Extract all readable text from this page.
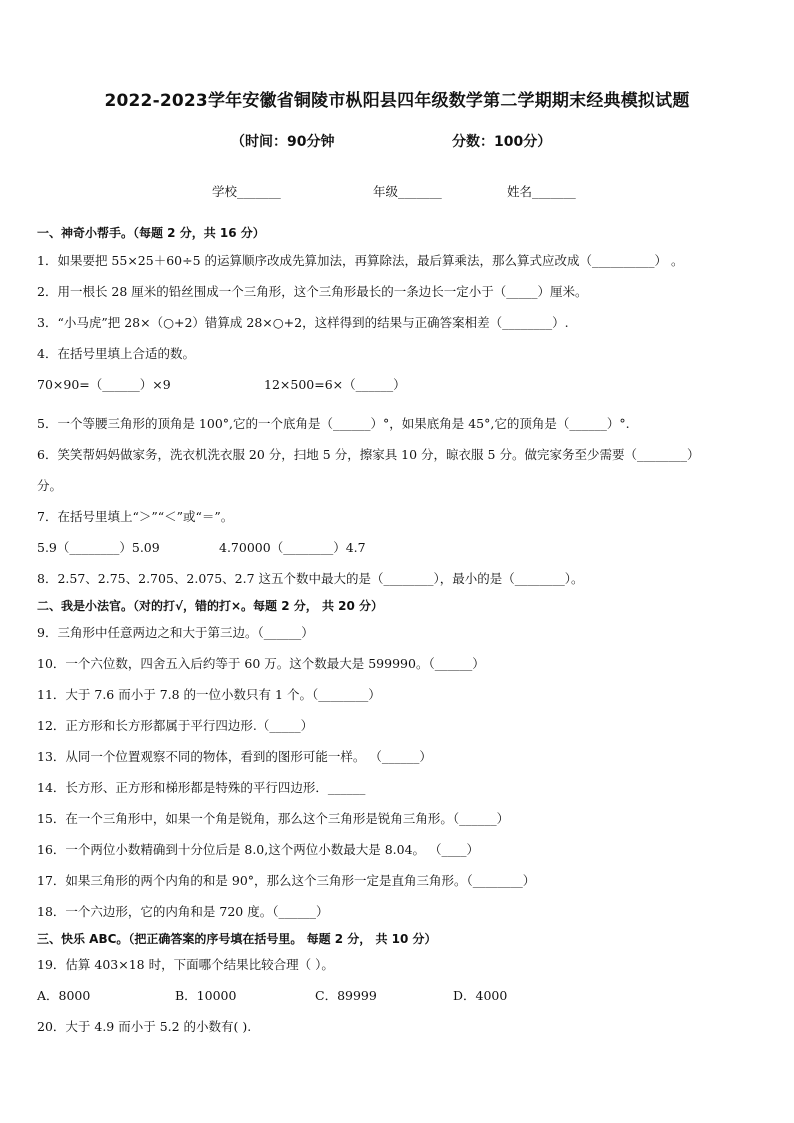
2022-2023学年安徽省铜陵市枞阳县四年级数学第二学期期末经典模拟试题
（时间：90分钟	分数：100分）
学校_______	年级_______	姓名_______
一、神奇小帮手。（每题 2 分，共 16 分）
1．如果要把 55×25＋60÷5 的运算顺序改成先算加法，再算除法，最后算乘法，那么算式应改成（__________） 。
2．用一根长 28 厘米的铅丝围成一个三角形，这个三角形最长的一条边长一定小于（_____）厘米。
3．“小马虎”把 28×（○+2）错算成 28×○+2，这样得到的结果与正确答案相差（________）.
4．在括号里填上合适的数。
70×90=（______）×9	12×500=6×（______）
5．一个等腰三角形的顶角是 100°,它的一个底角是（______）°，如果底角是 45°,它的顶角是（______）°.
6．笑笑帮妈妈做家务，洗衣机洗衣服 20 分，扫地 5 分，擦家具 10 分，晾衣服 5 分。做完家务至少需要（________）
分。
7．在括号里填上“＞”“＜”或“＝”。
5.9（________）5.09	4.70000（________）4.7
8．2.57、2.75、2.705、2.075、2.7 这五个数中最大的是（________），最小的是（________）。
二、我是小法官。（对的打√，错的打×。每题 2 分， 共 20 分）
9．三角形中任意两边之和大于第三边。（______）
10．一个六位数，四舍五入后约等于 60 万。这个数最大是 599990。（______）
11．大于 7.6 而小于 7.8 的一位小数只有 1 个。（________）
12．正方形和长方形都属于平行四边形.（_____）
13．从同一个位置观察不同的物体，看到的图形可能一样。 （______）
14．长方形、正方形和梯形都是特殊的平行四边形．______
15．在一个三角形中，如果一个角是锐角，那么这个三角形是锐角三角形。（______）
16．一个两位小数精确到十分位后是 8.0,这个两位小数最大是 8.04。 （____）
17．如果三角形的两个内角的和是 90°，那么这个三角形一定是直角三角形。（________）
18．一个六边形，它的内角和是 720 度。（______）
三、快乐 ABC。（把正确答案的序号填在括号里。 每题 2 分， 共 10 分）
19．估算 403×18 时，下面哪个结果比较合理（ ）。
A．8000	B．10000	C．89999	D．4000
20．大于 4.9 而小于 5.2 的小数有( ).
